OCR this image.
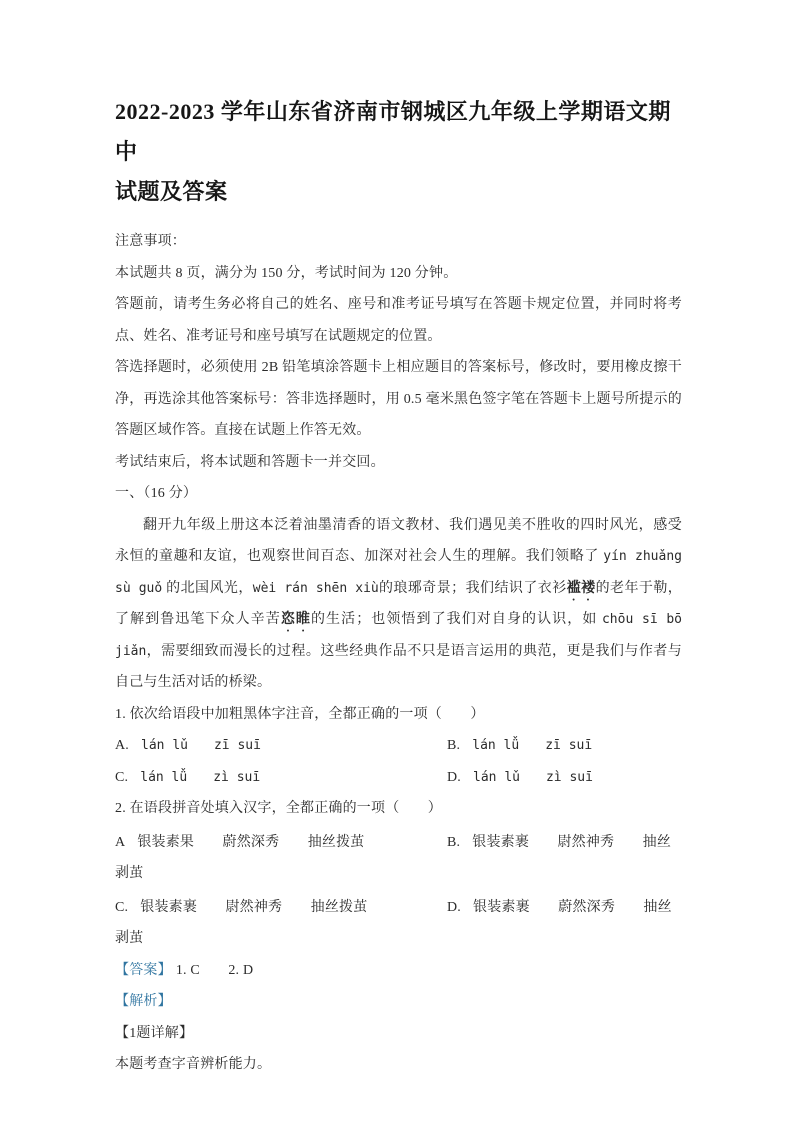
2022-2023 学年山东省济南市钢城区九年级上学期语文期中
试题及答案

注意事项：

本试题共 8 页，满分为 150 分，考试时间为 120 分钟。

答题前，请考生务必将自己的姓名、座号和准考证号填写在答题卡规定位置，并同时将考点、姓名、准考证号和座号填写在试题规定的位置。

答选择题时，必须使用 2B 铅笔填涂答题卡上相应题目的答案标号，修改时，要用橡皮擦干净，再选涂其他答案标号：答非选择题时，用 0.5 毫米黑色签字笔在答题卡上题号所提示的答题区域作答。直接在试题上作答无效。

考试结束后，将本试题和答题卡一并交回。

一、（16 分）

翻开九年级上册这本泛着油墨清香的语文教材、我们遇见美不胜收的四时风光，感受永恒的童趣和友谊，也观察世间百态、加深对社会人生的理解。我们领略了 yín zhuǎng sù guǒ 的北国风光，wèi rán shēn xiù的琅琊奇景；我们结识了衣衫褴褛的老年于勒，了解到鲁迅笔下众人辛苦恣睢的生活；也领悟到了我们对自身的认识，如 chōu sī bō jiǎn，需要细致而漫长的过程。这些经典作品不只是语言运用的典范，更是我们与作者与自己与生活对话的桥梁。

1. 依次给语段中加粗黑体字注音，全都正确的一项（　　）

A. lán lǔ　　zī suī	B. lán lǚ　　zī suī
C. lán lǚ　　zì suī	D. lán lǔ　　zì suī

2. 在语段拼音处填入汉字，全都正确的一项（　　）

A 银装素果　　蔚然深秀　　抽丝拨茧	B. 银装素裹　　尉然神秀　　抽丝

剥茧

C. 银装素裹　　尉然神秀　　抽丝拨茧	D. 银装素裹　　蔚然深秀　　抽丝

剥茧

【答案】 1. C　　2. D

【解析】

【1题详解】

本题考查字音辨析能力。
